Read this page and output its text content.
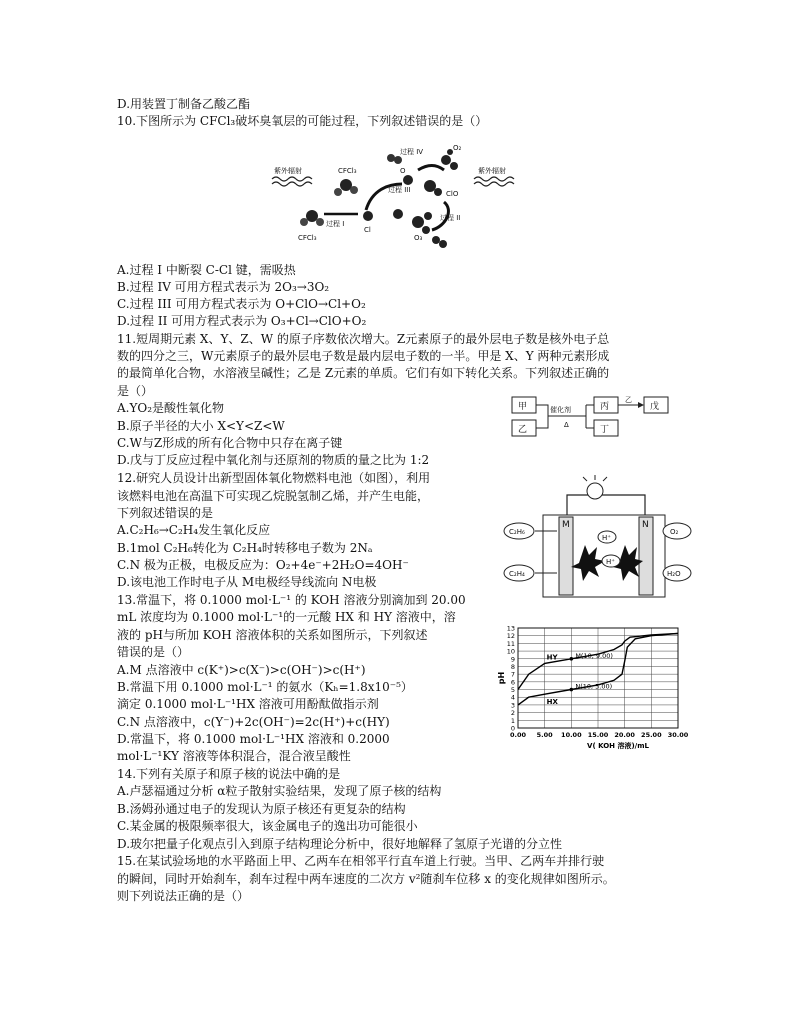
D.用装置丁制备乙酸乙酯
10.下图所示为 CFCl₃破坏臭氧层的可能过程，下列叙述错误的是（）
紫外辐射	紫外辐射
CFCl₃
过程 IV	O₂
过程 III
O
ClO
CFCl₃
过程 I
Cl
O₃
过程 II
A.过程 I 中断裂 C-Cl 键，需吸热
B.过程 IV 可用方程式表示为 2O₃→3O₂
C.过程 III 可用方程式表示为 O+ClO→Cl+O₂
D.过程 II 可用方程式表示为 O₃+Cl→ClO+O₂
11.短周期元素 X、Y、Z、W 的原子序数依次增大。Z元素原子的最外层电子数是核外电子总
数的四分之三，W元素原子的最外层电子数是最内层电子数的一半。甲是 X、Y 两种元素形成
的最简单化合物，水溶液呈碱性；乙是 Z元素的单质。它们有如下转化关系。下列叙述正确的
是（）
A.YO₂是酸性氧化物
B.原子半径的大小 X<Y<Z<W
C.W与Z形成的所有化合物中只存在离子键
D.戊与丁反应过程中氧化剂与还原剂的物质的量之比为 1:2
甲
乙
催化剂
Δ
丙
丁
乙
戊
12.研究人员设计出新型固体氧化物燃料电池（如图），利用
该燃料电池在高温下可实现乙烷脱氢制乙烯，并产生电能，
下列叙述错误的是
A.C₂H₆→C₂H₄发生氧化反应
B.1mol C₂H₆转化为 C₂H₄时转移电子数为 2Nₐ
C.N 极为正极，电极反应为：O₂+4e⁻+2H₂O=4OH⁻
D.该电池工作时电子从 M电极经导线流向 N电极
M	N
C₂H₆
C₂H₄
O₂
H₂O
H⁺
H⁺
13.常温下，将 0.1000 mol·L⁻¹ 的 KOH 溶液分别滴加到 20.00
mL 浓度均为 0.1000 mol·L⁻¹的一元酸 HX 和 HY 溶液中，溶
液的 pH与所加 KOH 溶液体积的关系如图所示，下列叙述
错误的是（）
A.M 点溶液中 c(K⁺)>c(X⁻)>c(OH⁻)>c(H⁺)
B.常温下用 0.1000 mol·L⁻¹ 的氨水（Kₕ=1.8x10⁻⁵）
滴定 0.1000 mol·L⁻¹HX 溶液可用酚酞做指示剂
C.N 点溶液中，c(Y⁻)+2c(OH⁻)=2c(H⁺)+c(HY)
D.常温下，将 0.1000 mol·L⁻¹HX 溶液和 0.2000
mol·L⁻¹KY 溶液等体积混合，混合液呈酸性
0
1
2
3
4
5
6
7
8
9
10
11
12
13
0.00 5.00 10.00 15.00 20.00 25.00 30.00
HX
HY	M(10, 9.00)
N(10, 5.00)
pH
V( KOH 溶液)/mL
14.下列有关原子和原子核的说法中确的是
A.卢瑟福通过分析 α粒子散射实验结果，发现了原子核的结构
B.汤姆孙通过电子的发现认为原子核还有更复杂的结构
C.某金属的极限频率很大，该金属电子的逸出功可能很小
D.玻尔把量子化观点引入到原子结构理论分析中，很好地解释了氢原子光谱的分立性
15.在某试验场地的水平路面上甲、乙两车在相邻平行直车道上行驶。当甲、乙两车并排行驶
的瞬间，同时开始刹车，刹车过程中两车速度的二次方 v²随刹车位移 x 的变化规律如图所示。
则下列说法正确的是（）
